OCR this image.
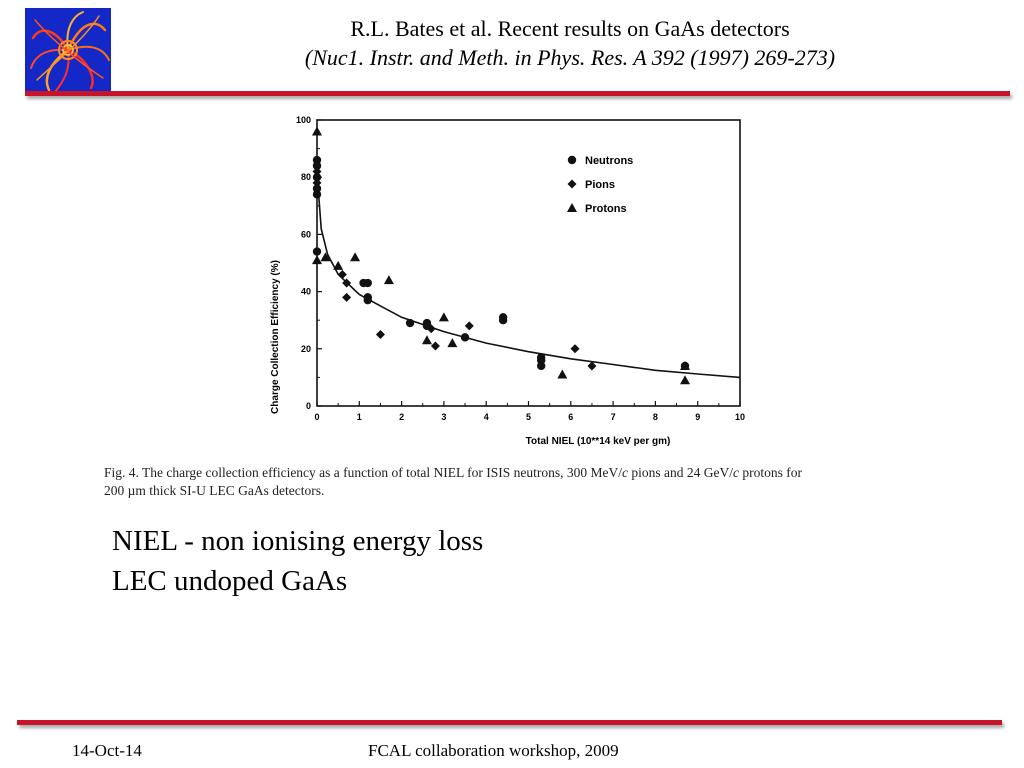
R.L. Bates et al. Recent results on GaAs detectors
(Nuc1. Instr. and Meth. in Phys. Res. A 392 (1997) 269-273)
0	1	2	3	4	5	6	7	8	9	10
0
20
40
60
80
100
Neutrons
Pions
Protons
Charge Collection Efficiency (%)
Total NIEL (10**14 keV per gm)
Fig. 4. The charge collection efficiency as a function of total NIEL for ISIS neutrons, 300 MeV/c pions and 24 GeV/c protons for
200 µm thick SI-U LEC GaAs detectors.
NIEL - non ionising energy loss
LEC undoped GaAs
14-Oct-14	FCAL collaboration workshop, 2009
